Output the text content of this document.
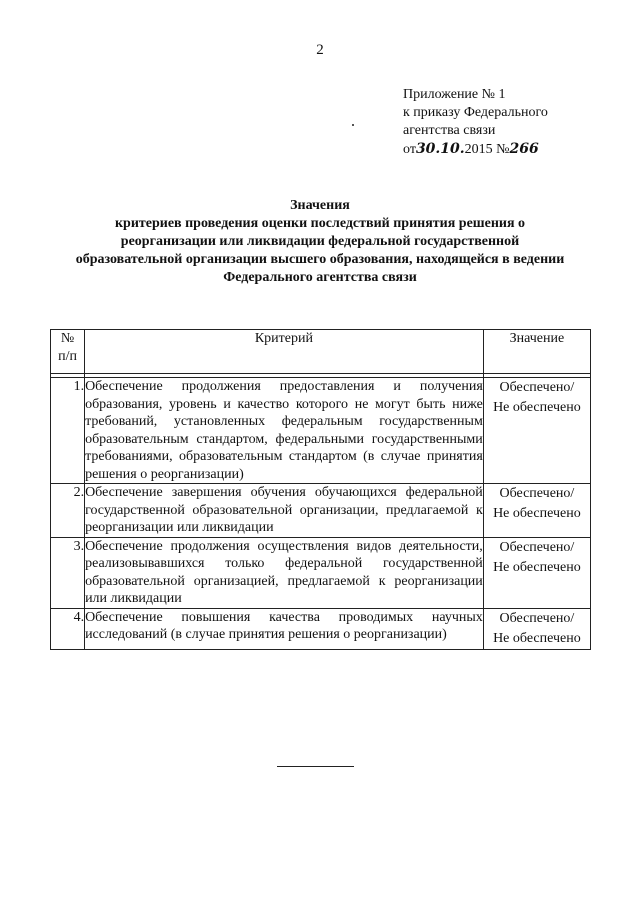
2
Приложение № 1
к приказу Федерального
агентства связи
от30.10.2015 №266
Значения
критериев проведения оценки последствий принятия решения о
реорганизации или ликвидации федеральной государственной
образовательной организации высшего образования, находящейся в ведении
Федерального агентства связи
№
п/п	Критерий	Значение

1.	Обеспечение продолжения предоставления и получения образования, уровень и качество которого не могут быть ниже требований, установленных федеральным государственным образовательным стандартом, федеральными государственными требованиями, образовательным стандартом (в случае принятия решения о реорганизации)	Обеспечено/
Не обеспечено

2.	Обеспечение завершения обучения обучающихся федеральной государственной образовательной организации, предлагаемой к реорганизации или ликвидации	Обеспечено/
Не обеспечено

3.	Обеспечение продолжения осуществления видов деятельности, реализовывавшихся только федеральной государственной образовательной организацией, предлагаемой к реорганизации или ликвидации	Обеспечено/
Не обеспечено

4.	Обеспечение повышения качества проводимых научных исследований (в случае принятия решения о реорганизации)	Обеспечено/
Не обеспечено
